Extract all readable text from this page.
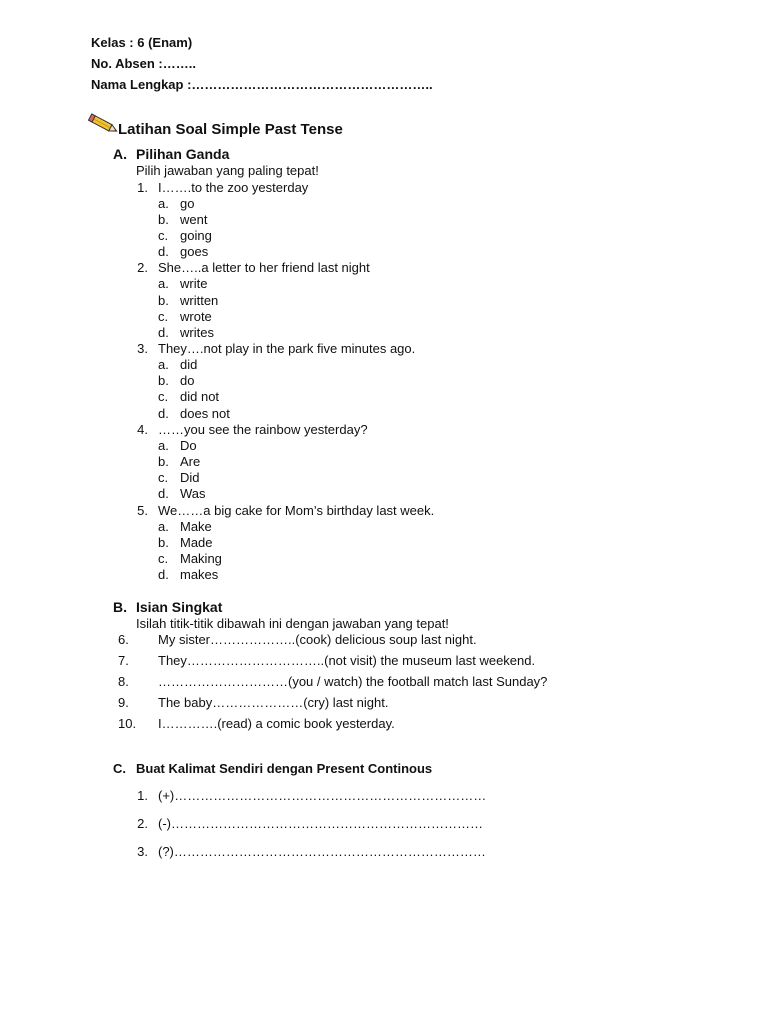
Kelas : 6 (Enam)
No. Absen :……..
Nama Lengkap :………………………………………………..
Latihan Soal Simple Past Tense
A. Pilihan Ganda
Pilih jawaban yang paling tepat!
1. I…….to the zoo yesterday
a. go
b. went
c. going
d. goes
2. She…..a letter to her friend last night
a. write
b. written
c. wrote
d. writes
3. They….not play in the park five minutes ago.
a. did
b. do
c. did not
d. does not
4. ……you see the rainbow yesterday?
a. Do
b. Are
c. Did
d. Was
5. We……a big cake for Mom’s birthday last week.
a. Make
b. Made
c. Making
d. makes
B. Isian Singkat
Isilah titik-titik dibawah ini dengan jawaban yang tepat!
6.	My sister………………..(cook) delicious soup last night.
7.	They…………………………..(not visit) the museum last weekend.
8.	…………………………(you / watch) the football match last Sunday?
9.	The baby…………………(cry) last night.
10.	I………….(read) a comic book yesterday.
C. Buat Kalimat Sendiri dengan Present Continous
1. (+)………………………………………………………………
2. (-)………………………………………………………………
3. (?)………………………………………………………………
